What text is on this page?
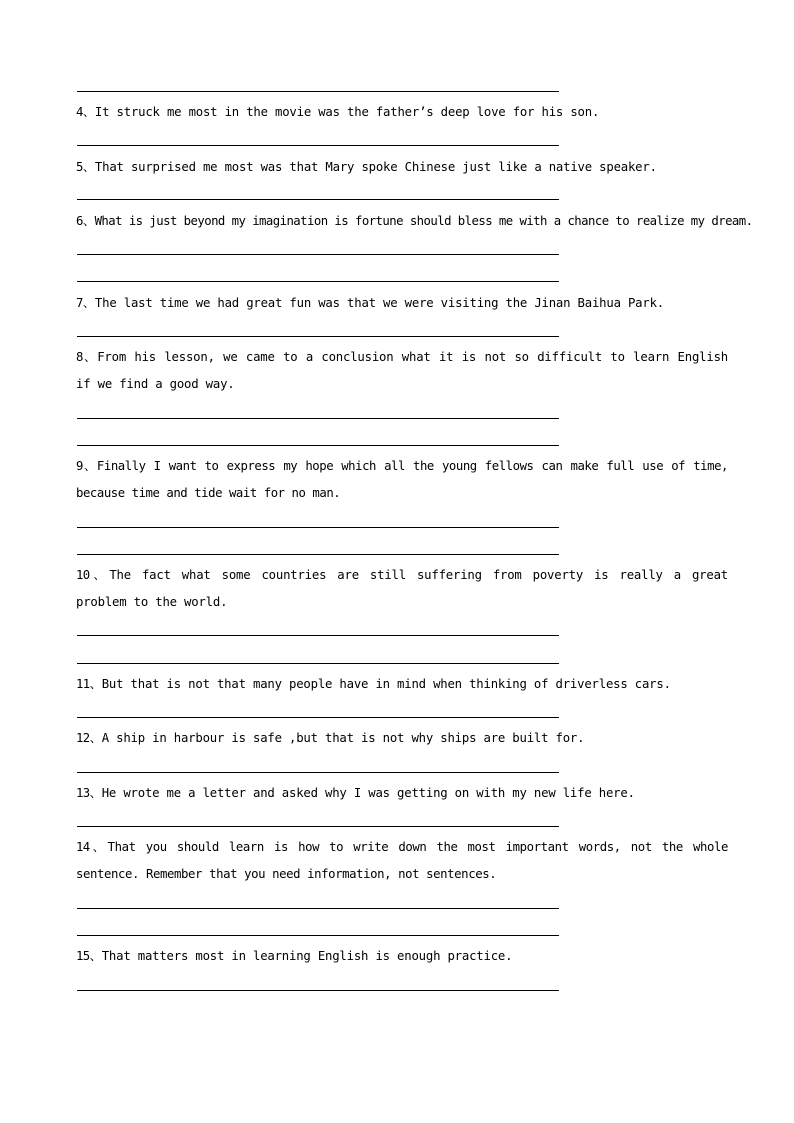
4、It struck me most in the movie was the father’s deep love for his son.
5、That surprised me most was that Mary spoke Chinese just like a native speaker.
6、What is just beyond my imagination is fortune should bless me with a chance to realize my dream.
7、The last time we had great fun was that we were visiting the Jinan Baihua Park.
8、From his lesson, we came to a conclusion what it is not so difficult to learn English if we find a good way.
9、Finally I want to express my hope which all the young fellows can make full use of time, because time and tide wait for no man.
10、The fact what some countries are still suffering from poverty is really a great problem to the world.
11、But that is not that many people have in mind when thinking of driverless cars.
12、A ship in harbour is safe ,but that is not why ships are built for.
13、He wrote me a letter and asked why I was getting on with my new life here.
14、That you should learn is how to write down the most important words, not the whole sentence. Remember that you need information, not sentences.
15、That matters most in learning English is enough practice.
